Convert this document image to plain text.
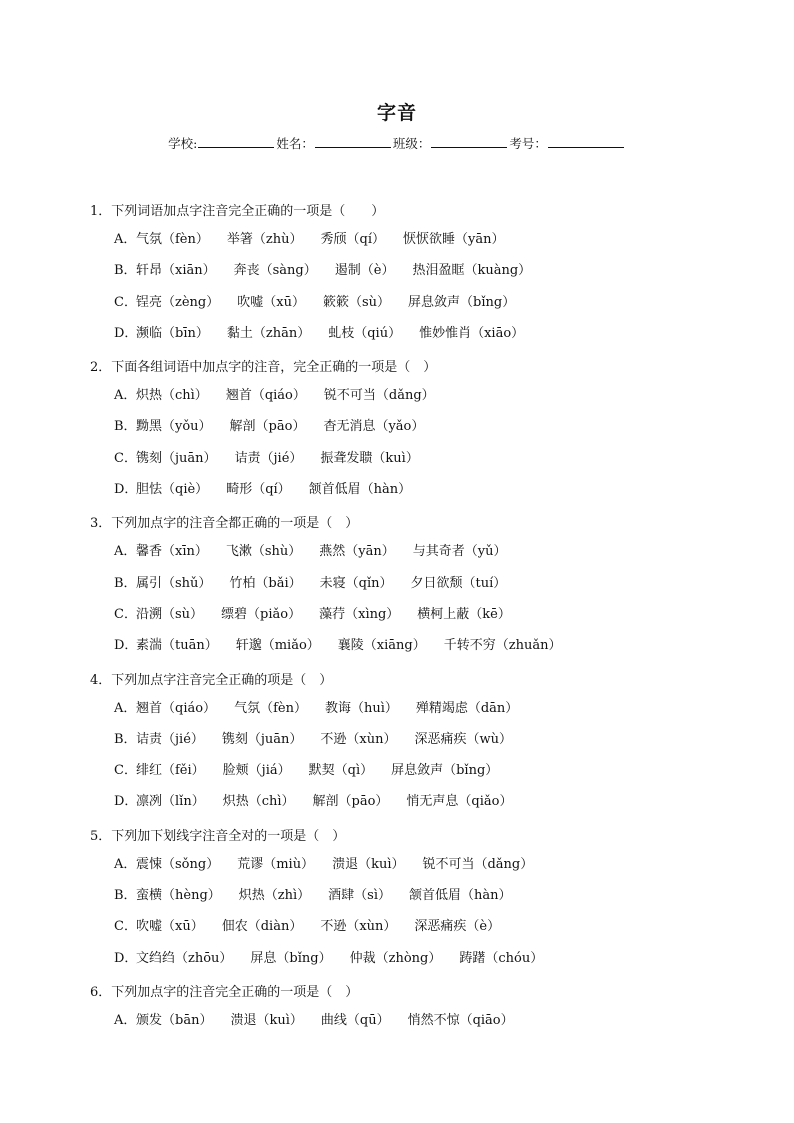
字音
学校:	姓名：	班级：	考号：
1．下列词语加点字注音完全正确的一项是（　　）
A．气氛（fèn） 举箸（zhù） 秀颀（qí） 恹恹欲睡（yān）
B．轩昂（xiān） 奔丧（sàng） 遏制（è） 热泪盈眶（kuàng）
C．锃亮（zèng） 吹嘘（xū） 簌簌（sù） 屏息敛声（bǐng）
D．濒临（bīn） 黏土（zhān） 虬枝（qiú） 惟妙惟肖（xiāo）
2．下面各组词语中加点字的注音，完全正确的一项是（　）
A．炽热（chì） 翘首（qiáo） 锐不可当（dǎng）
B．黝黑（yǒu） 解剖（pāo） 杳无消息（yǎo）
C．镌刻（juān） 诘责（jié） 振聋发聩（kuì）
D．胆怯（qiè） 畸形（qí） 颔首低眉（hàn）
3．下列加点字的注音全都正确的一项是（　）
A．馨香（xīn） 飞漱（shù） 燕然（yān） 与其奇者（yǔ）
B．属引（shǔ） 竹柏（bǎi） 未寝（qǐn） 夕日欲颓（tuí）
C．沿溯（sù） 缥碧（piǎo） 藻荇（xìng） 横柯上蔽（kē）
D．素湍（tuān） 轩邈（miǎo） 襄陵（xiāng） 千转不穷（zhuǎn）
4．下列加点字注音完全正确的项是（　）
A．翘首（qiáo） 气氛（fèn） 教诲（huì） 殚精竭虑（dān）
B．诘责（jié） 镌刻（juān） 不逊（xùn） 深恶痛疾（wù）
C．绯红（fěi） 脸颊（jiá） 默契（qì） 屏息敛声（bǐng）
D．凛冽（lǐn） 炽热（chì） 解剖（pāo） 悄无声息（qiǎo）
5．下列加下划线字注音全对的一项是（　）
A．震悚（sǒng） 荒谬（miù） 溃退（kuì） 锐不可当（dǎng）
B．蛮横（hèng） 炽热（zhì） 酒肆（sì） 颔首低眉（hàn）
C．吹嘘（xū） 佃农（diàn） 不逊（xùn） 深恶痛疾（è）
D．文绉绉（zhōu） 屏息（bǐng） 仲裁（zhòng） 踌躇（chóu）
6．下列加点字的注音完全正确的一项是（　）
A．颁发（bān） 溃退（kuì） 曲线（qū） 悄然不惊（qiāo）
